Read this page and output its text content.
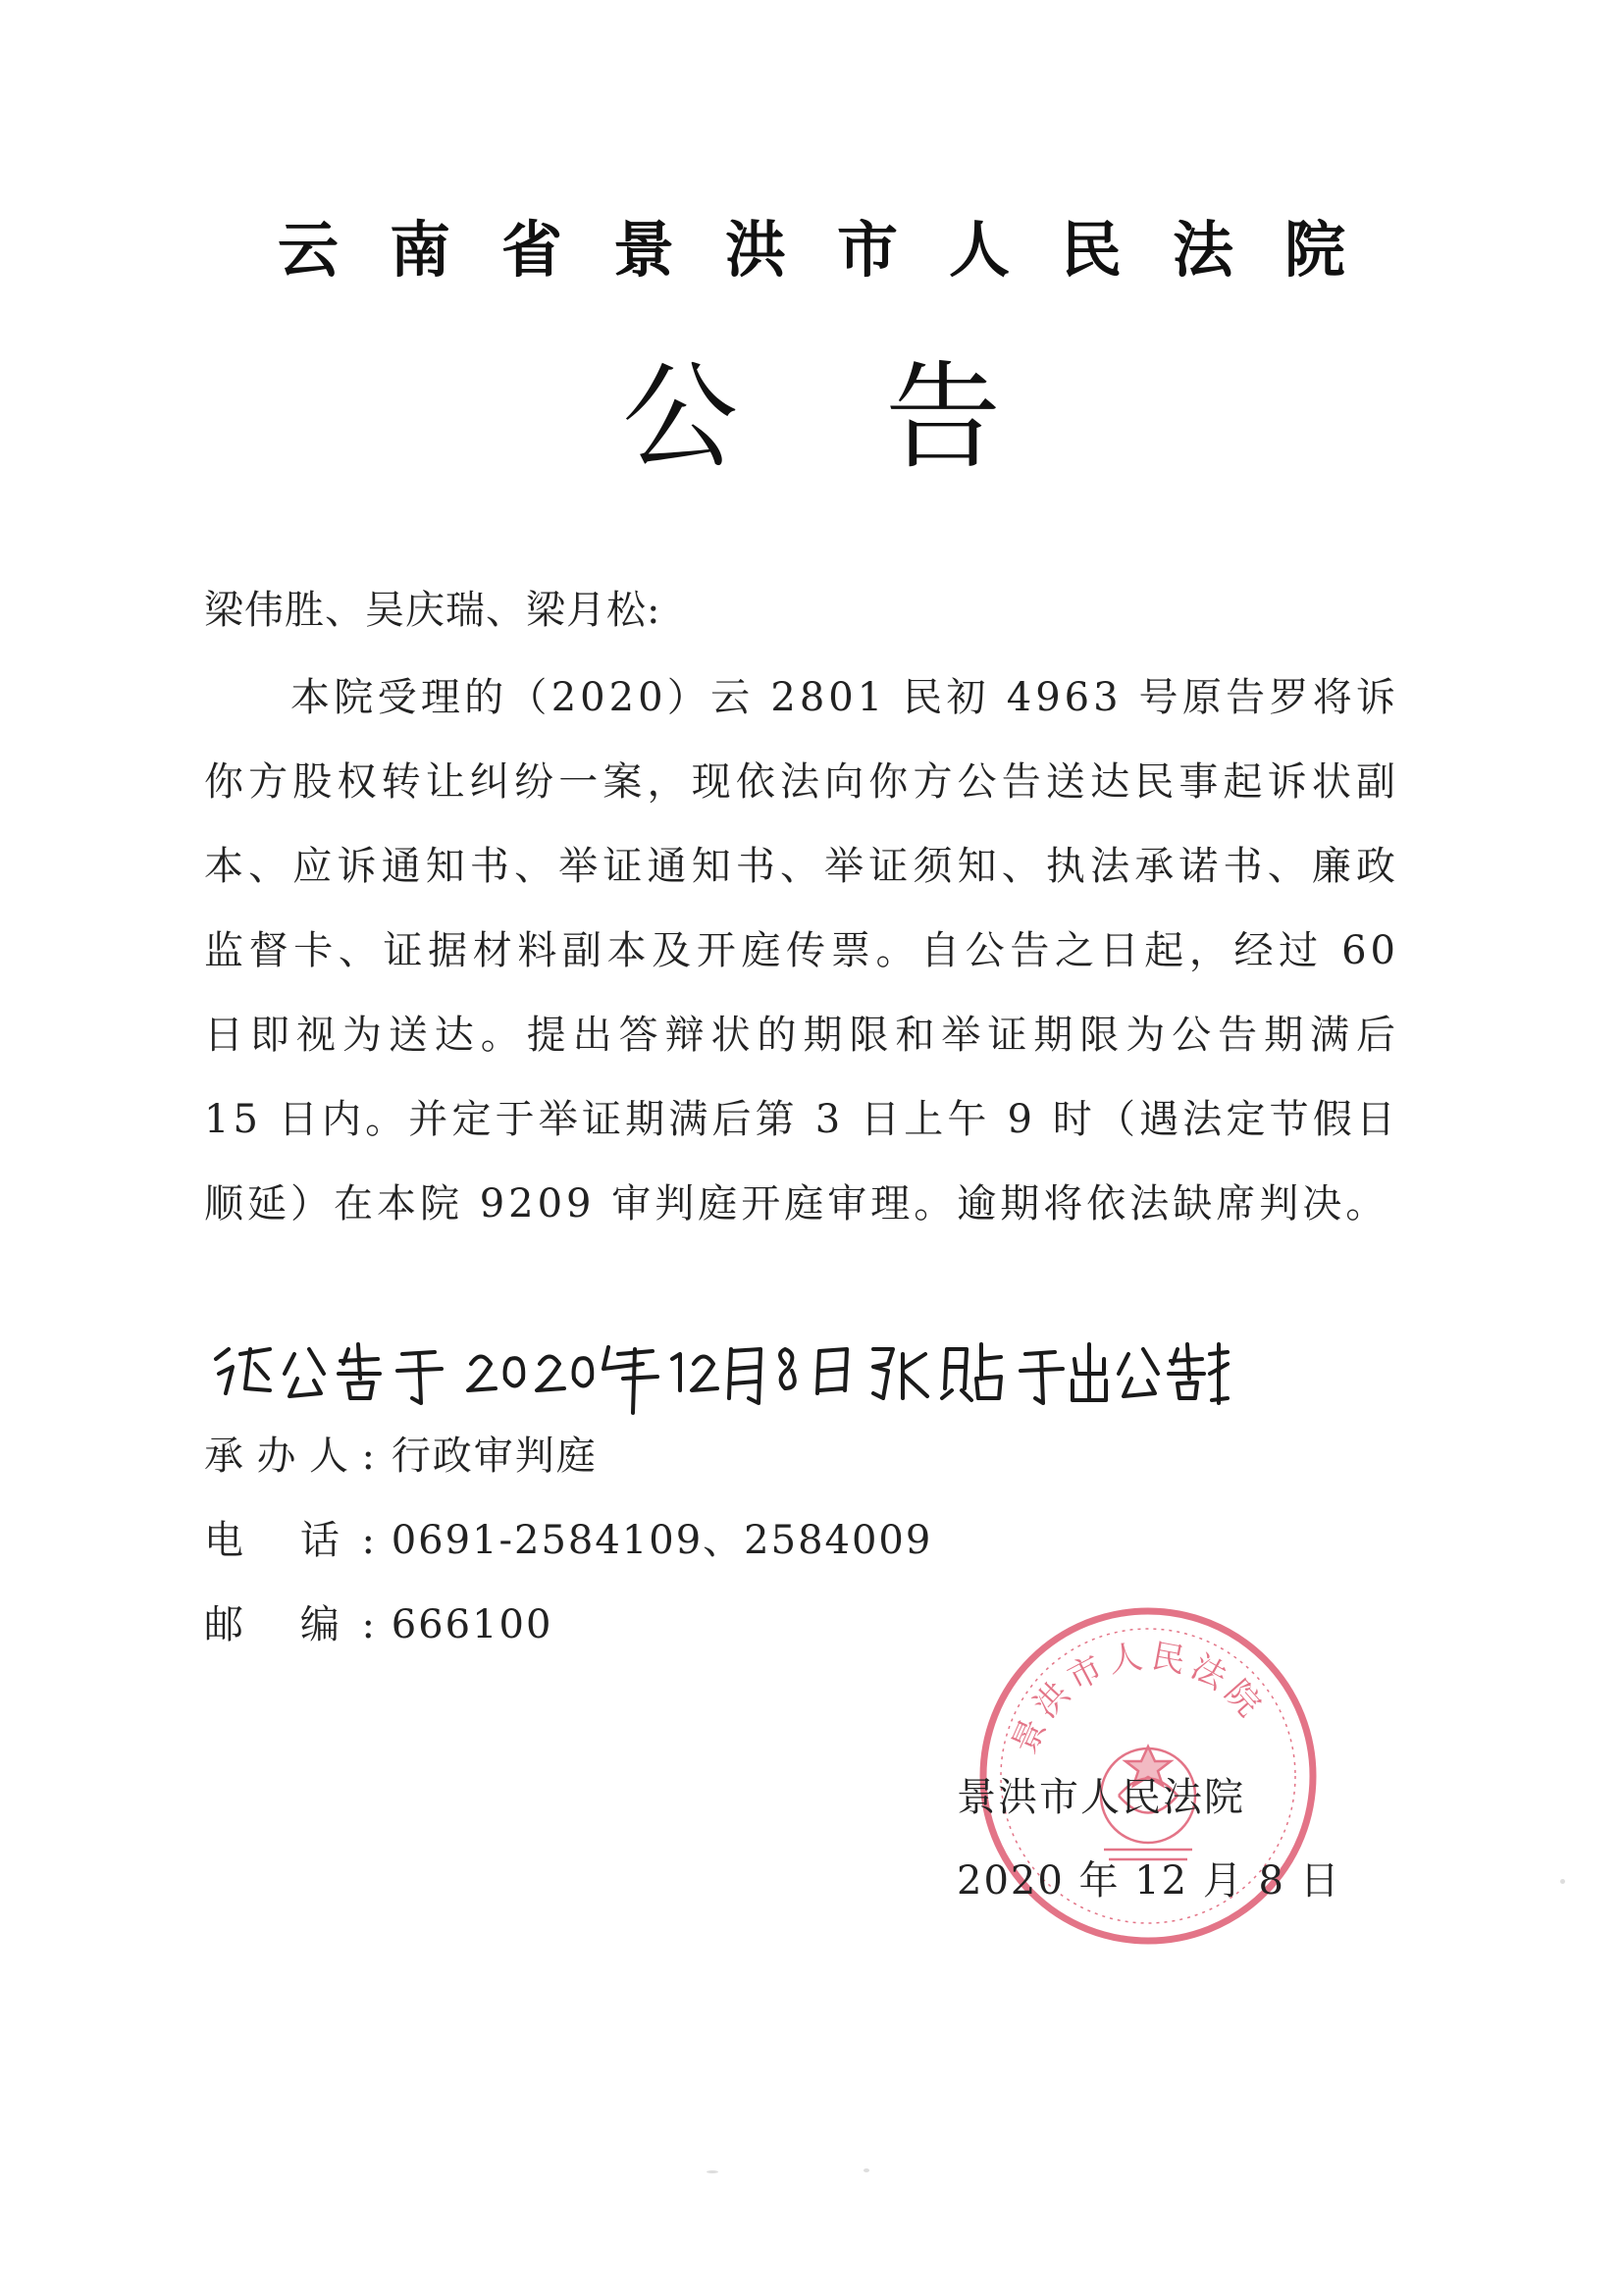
云南省景洪市人民法院
公告
梁伟胜、吴庆瑞、梁月松:
本院受理的（2020）云 2801 民初 4963 号原告罗将诉你方股权转让纠纷一案，现依法向你方公告送达民事起诉状副本、应诉通知书、举证通知书、举证须知、执法承诺书、廉政监督卡、证据材料副本及开庭传票。自公告之日起，经过 60 日即视为送达。提出答辩状的期限和举证期限为公告期满后 15 日内。并定于举证期满后第 3 日上午 9 时（遇法定节假日顺延）在本院 9209 审判庭开庭审理。逾期将依法缺席判决。
承办人: 行政审判庭
电 话: 0691-2584109、2584009
邮 编: 666100
景洪市人民法院
景洪市人民法院
2020 年 12 月 8 日
